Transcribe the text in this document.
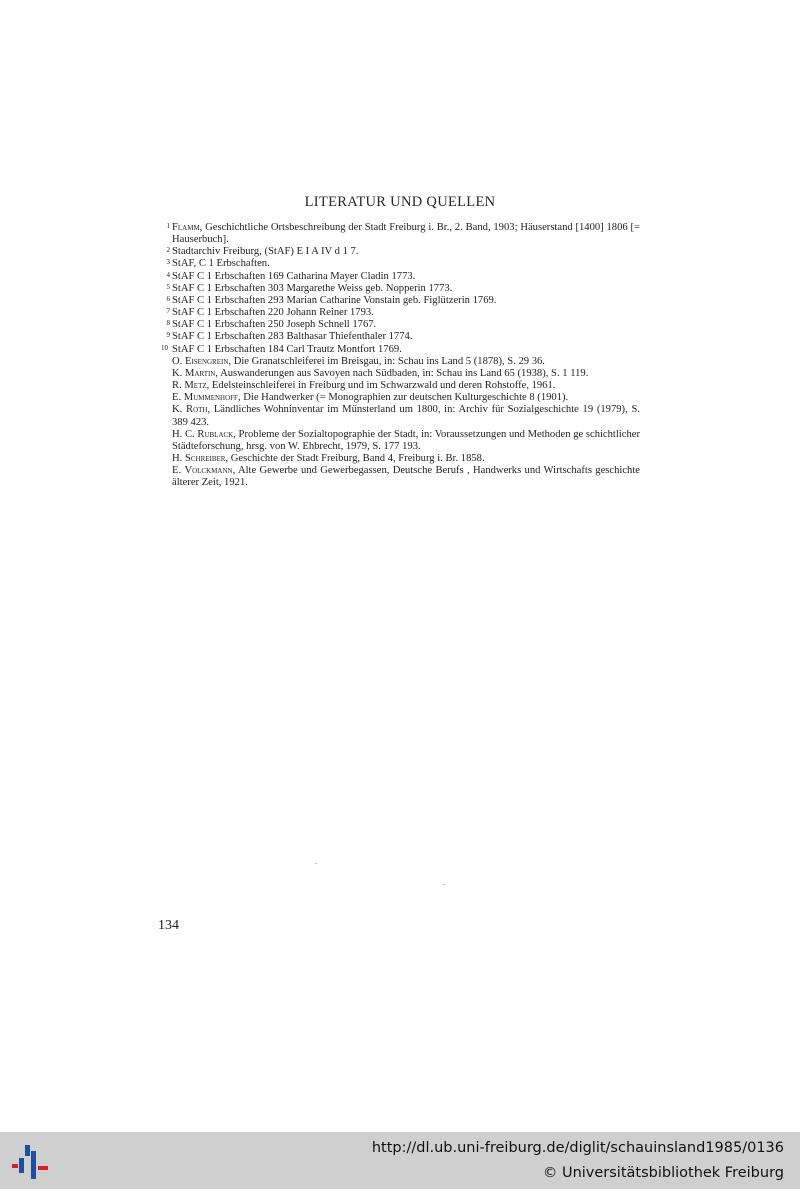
LITERATUR UND QUELLEN
1 Flamm, Geschichtliche Ortsbeschreibung der Stadt Freiburg i. Br., 2. Band, 1903; Häuserstand [1400] 1806 [= Hauserbuch].
2 Stadtarchiv Freiburg, (StAF) E I A IV d 1 7.
3 StAF, C 1 Erbschaften.
4 StAF C 1 Erbschaften 169 Catharina Mayer Cladin 1773.
5 StAF C 1 Erbschaften 303 Margarethe Weiss geb. Nopperin 1773.
6 StAF C 1 Erbschaften 293 Marian Catharine Vonstain geb. Figlützerin 1769.
7 StAF C 1 Erbschaften 220 Johann Reiner 1793.
8 StAF C 1 Erbschaften 250 Joseph Schnell 1767.
9 StAF C 1 Erbschaften 283 Balthasar Thiefenthaler 1774.
10 StAF C 1 Erbschaften 184 Carl Trautz Montfort 1769.
O. Eisengrein, Die Granatschleiferei im Breisgau, in: Schau ins Land 5 (1878), S. 29 36.
K. Martin, Auswanderungen aus Savoyen nach Südbaden, in: Schau ins Land 65 (1938), S. 1 119.
R. Metz, Edelsteinschleiferei in Freiburg und im Schwarzwald und deren Rohstoffe, 1961.
E. Mummenhoff, Die Handwerker (= Monographien zur deutschen Kulturgeschichte 8 (1901).
K. Roth, Ländliches Wohninventar im Münsterland um 1800, in: Archiv für Sozialgeschichte 19 (1979), S. 389 423.
H. C. Rublack, Probleme der Sozialtopographie der Stadt, in: Voraussetzungen und Methoden ge schichtlicher Städteforschung, hrsg. von W. Ehbrecht, 1979, S. 177 193.
H. Schreiber, Geschichte der Stadt Freiburg, Band 4, Freiburg i. Br. 1858.
E. Volckmann, Alte Gewerbe und Gewerbegassen, Deutsche Berufs , Handwerks und Wirtschafts geschichte älterer Zeit, 1921.
134
http://dl.ub.uni-freiburg.de/diglit/schauinsland1985/0136
© Universitätsbibliothek Freiburg
